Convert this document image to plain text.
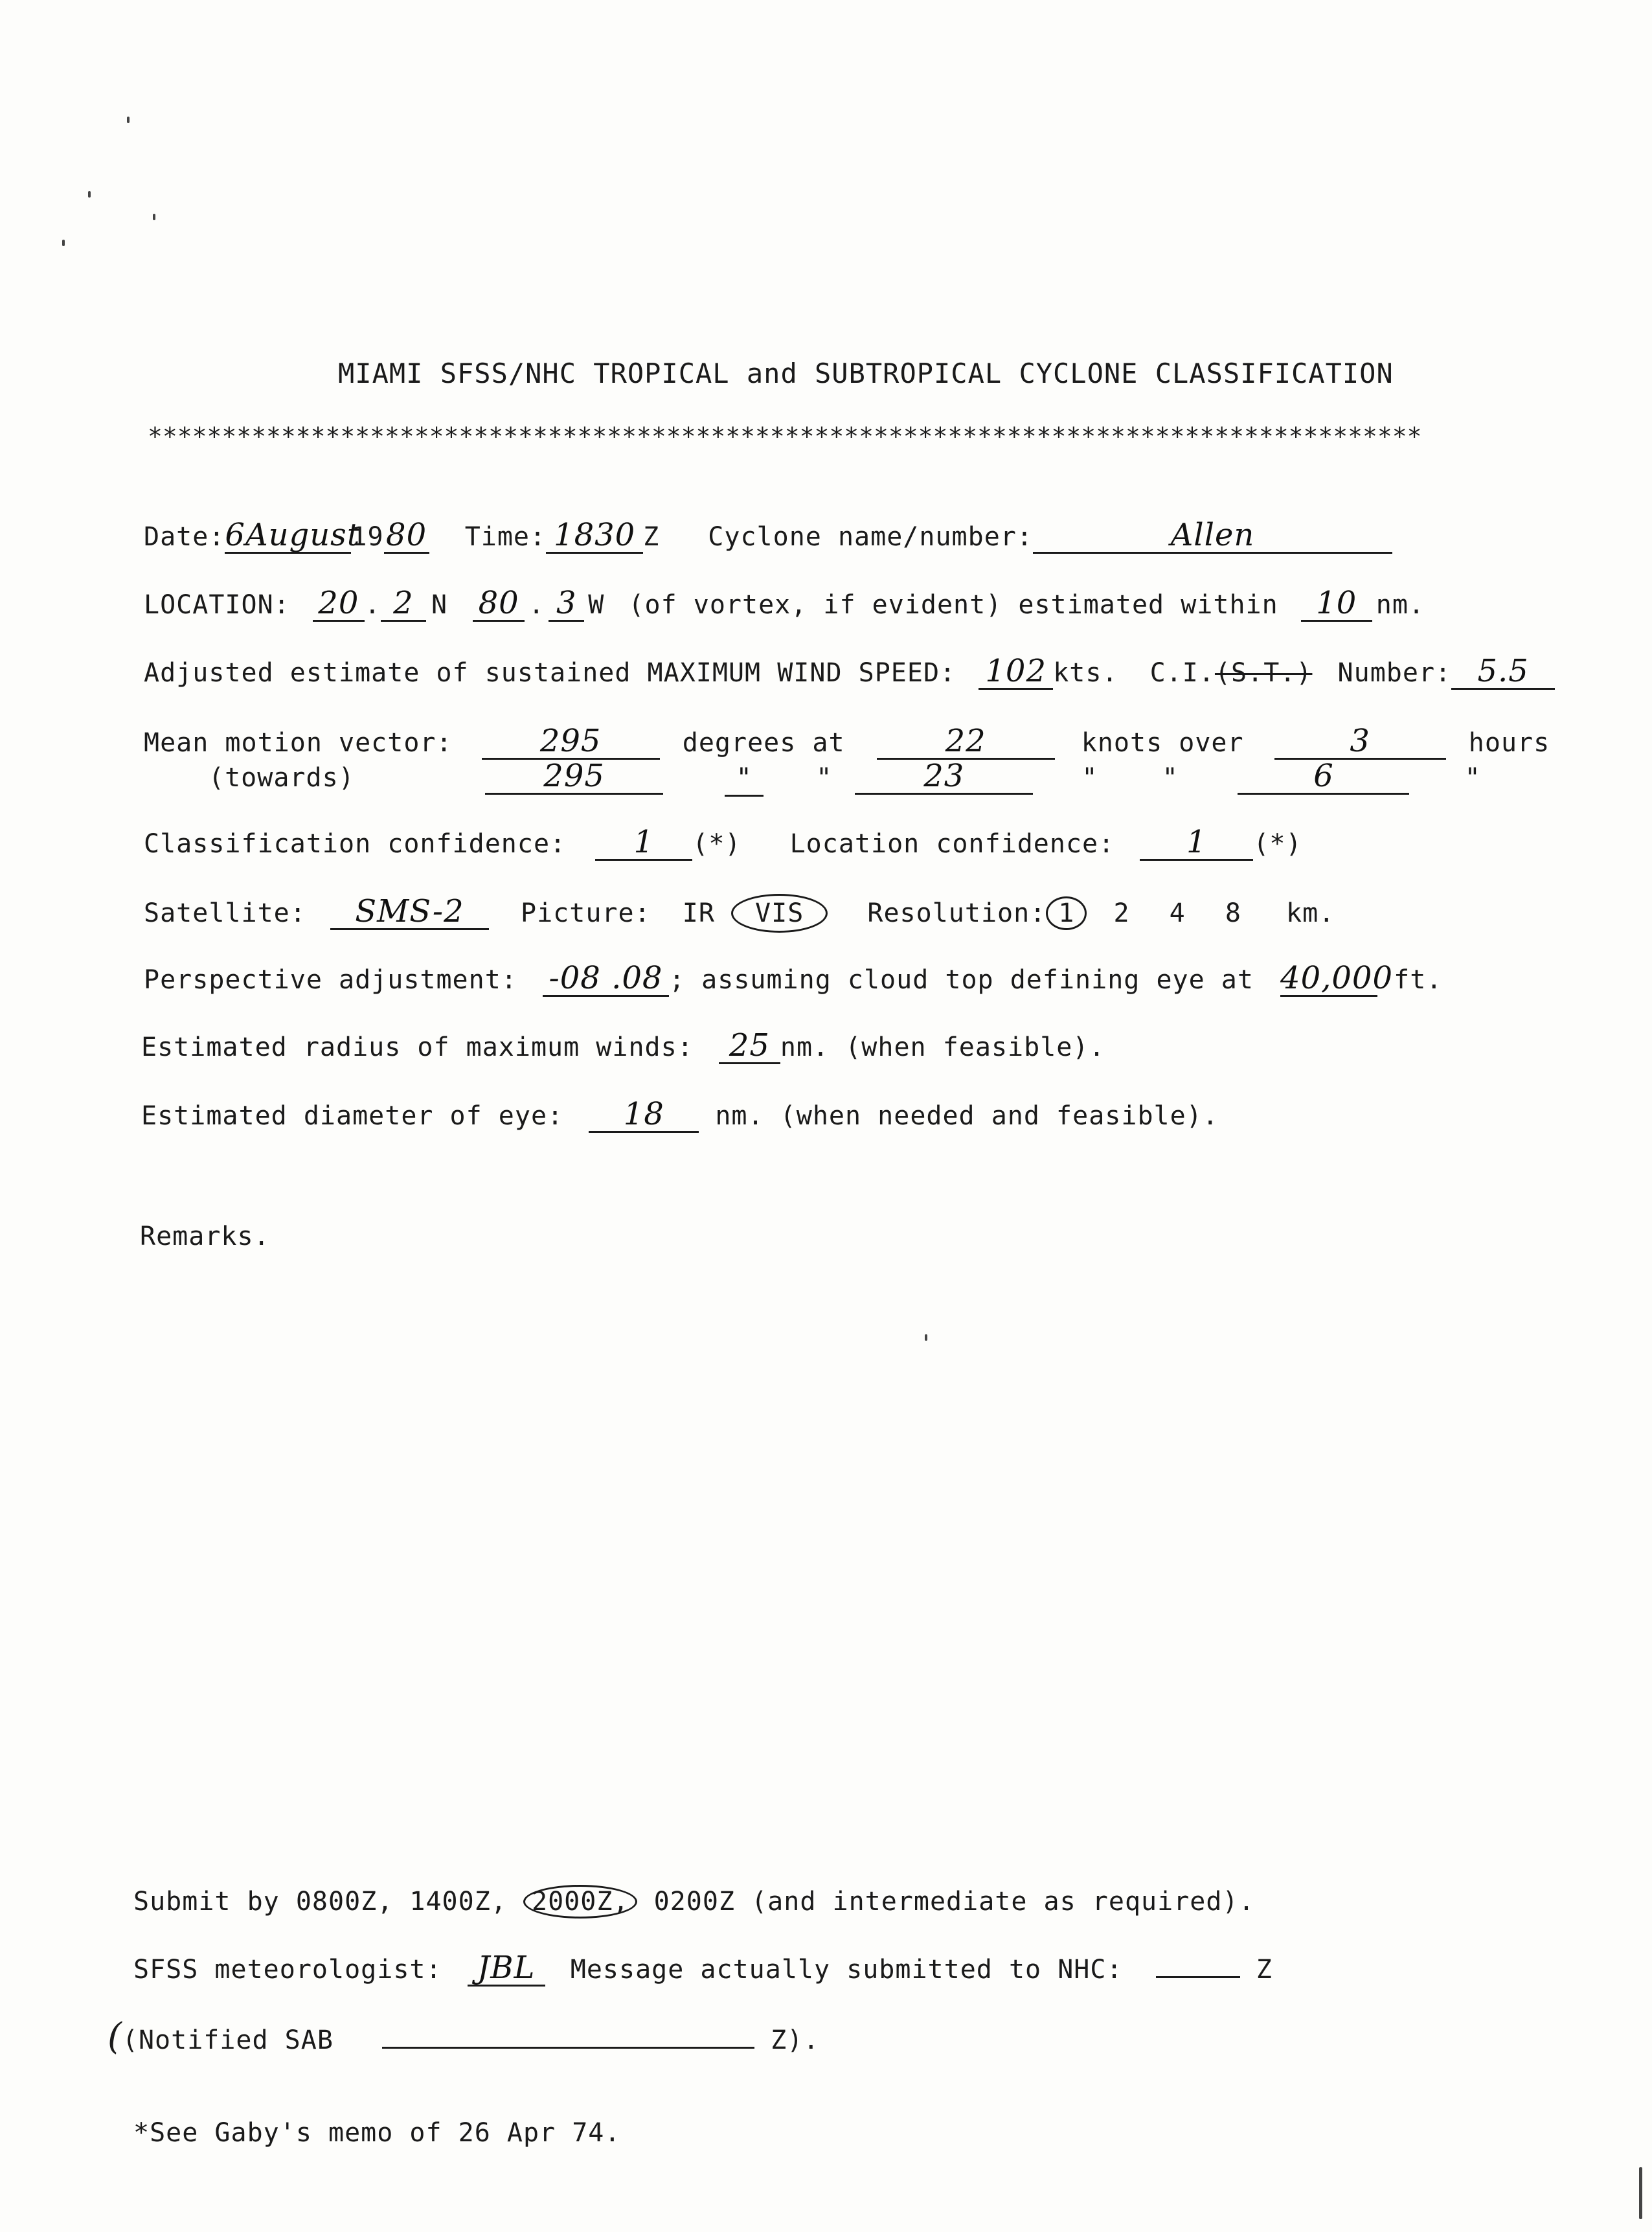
MIAMI SFSS/NHC TROPICAL and SUBTROPICAL CYCLONE CLASSIFICATION
**************************************************************************************
Date:6August1980 Time: 1830 Z Cyclone name/number:	Allen
LOCATION: 20 . 2 N 80 . 3 W (of vortex, if evident) estimated within 10 nm.
Adjusted estimate of sustained MAXIMUM WIND SPEED: 102 kts. C.I.(S.T.) Number: 5.5
Mean motion vector:	295	degrees at	22	knots over	3	hours
(towards)	295	" "	23	" "	6	"
Classification confidence: 1 (*) Location confidence: 1 (*)
Satellite: SMS-2 Picture: IR VIS Resolution: 1 2 4 8 km.
Perspective adjustment: -08 .08 ; assuming cloud top defining eye at 40,000 ft.
Estimated radius of maximum winds: 25 nm. (when feasible).
Estimated diameter of eye: 18 nm. (when needed and feasible).
Remarks.
Submit by 0800Z, 1400Z, 2000Z, 0200Z (and intermediate as required).
SFSS meteorologist: JBL Message actually submitted to NHC:	Z
((Notified SAB	Z).
*See Gaby's memo of 26 Apr 74.
